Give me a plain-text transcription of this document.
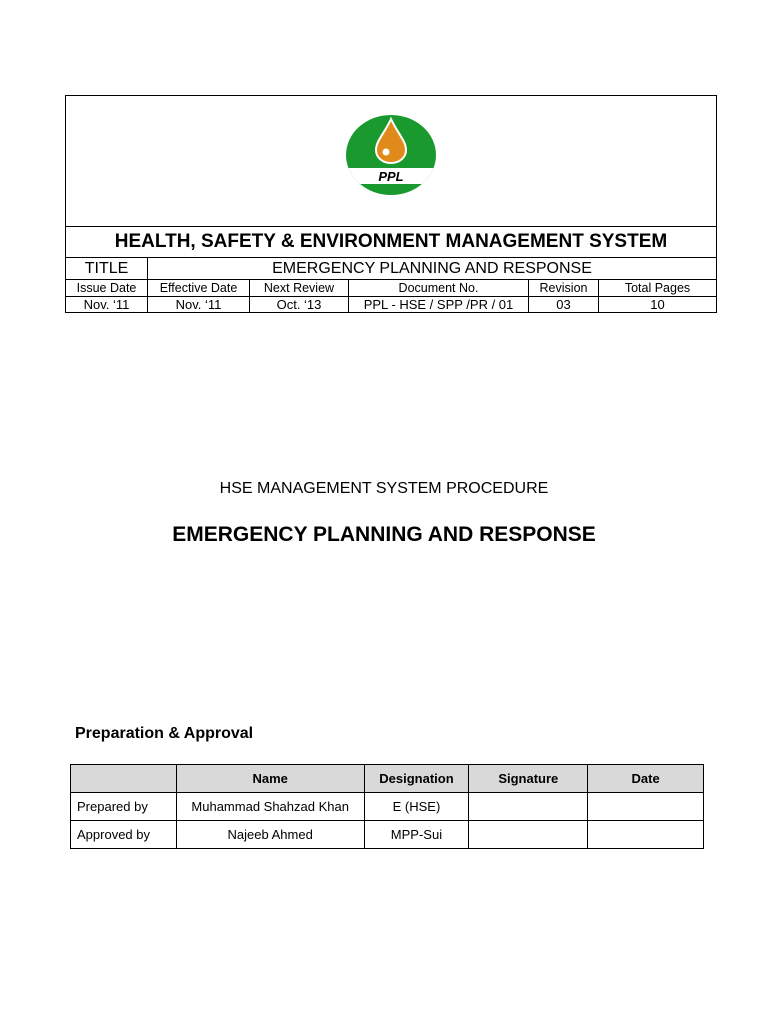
PPL
HEALTH, SAFETY & ENVIRONMENT MANAGEMENT SYSTEM
TITLE	EMERGENCY PLANNING AND RESPONSE
Issue Date	Effective Date	Next Review	Document No.	Revision	Total Pages
Nov. ‘11	Nov. ‘11	Oct. ‘13	PPL - HSE / SPP /PR / 01	03	10
HSE MANAGEMENT SYSTEM PROCEDURE
EMERGENCY PLANNING AND RESPONSE
Preparation & Approval
	Name	Designation	Signature	Date
Prepared by	Muhammad Shahzad Khan	E (HSE)		
Approved by	Najeeb Ahmed	MPP-Sui		
